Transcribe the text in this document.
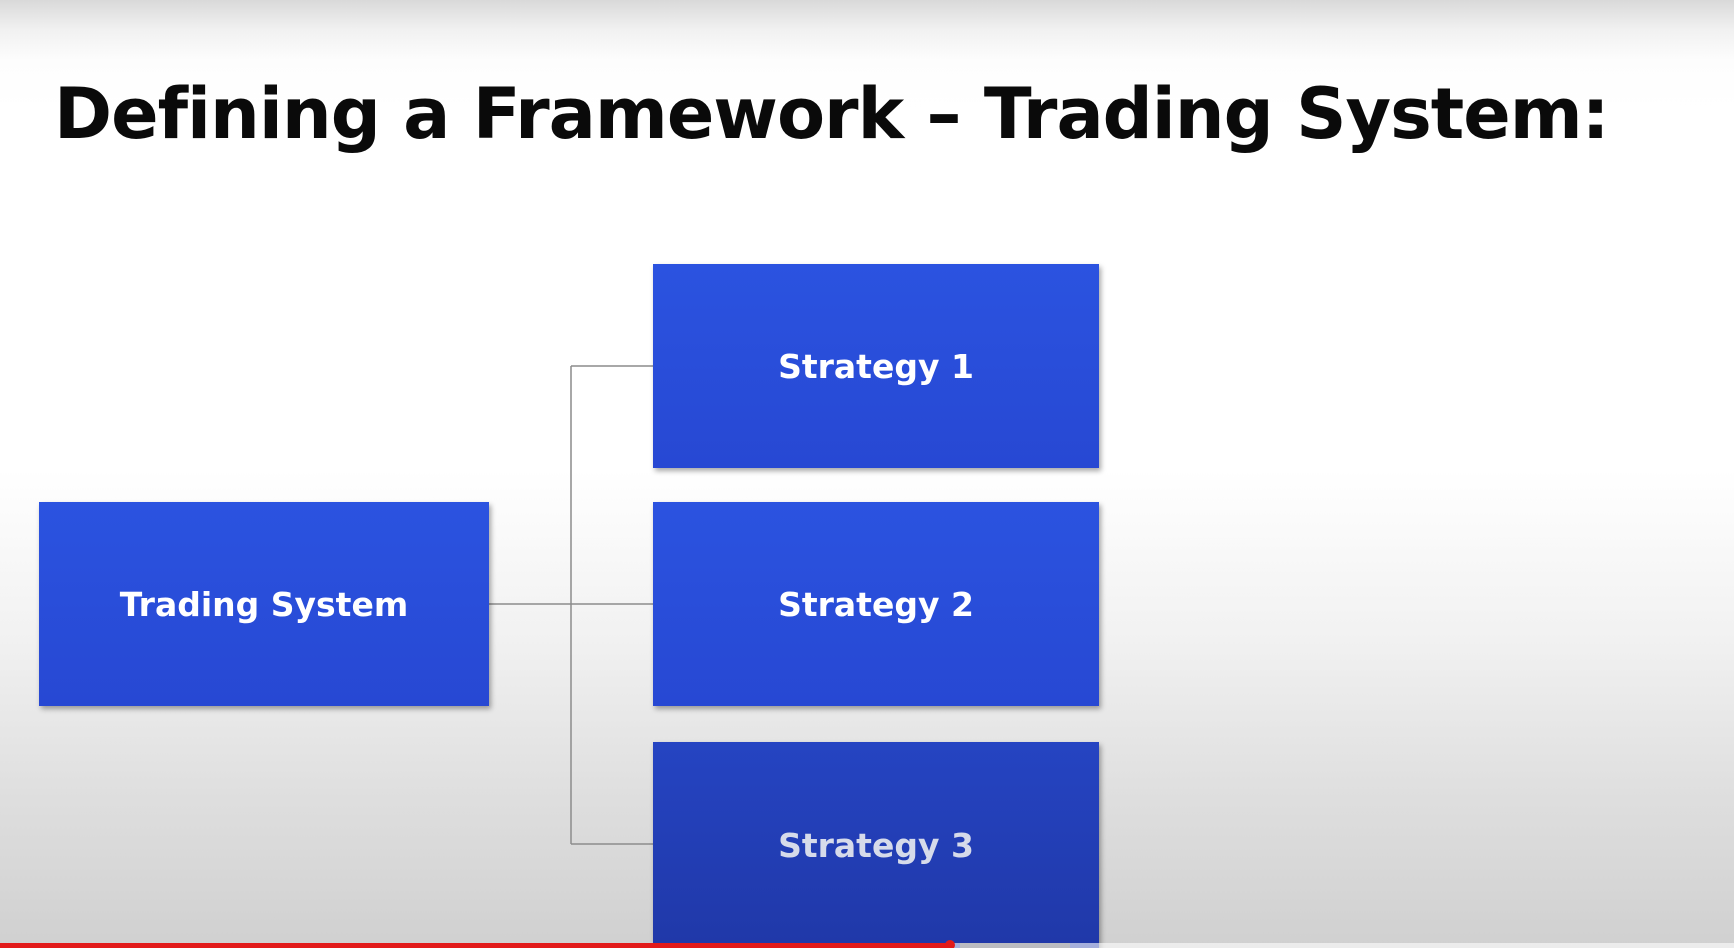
Defining a Framework – Trading System:
Trading System
Strategy 1
Strategy 2
Strategy 3
